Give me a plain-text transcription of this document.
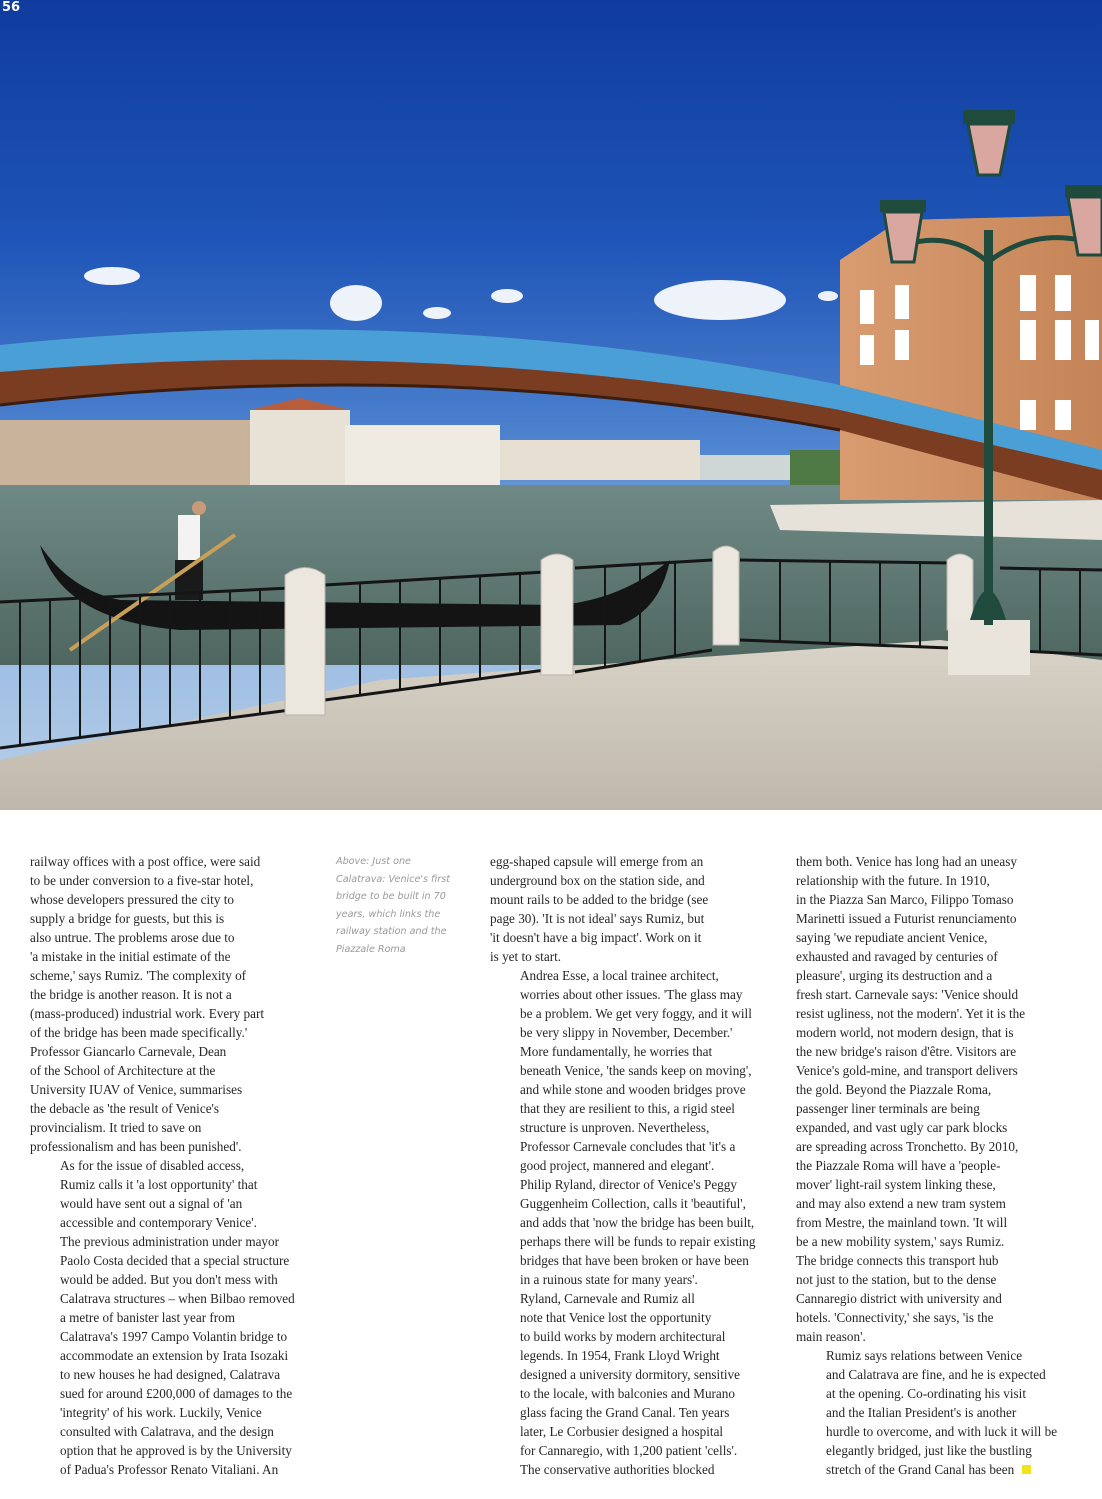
56
Above: Just one
Calatrava: Venice's first
bridge to be built in 70
years, which links the
railway station and the
Piazzale Roma

railway offices with a post office, were said
to be under conversion to a five-star hotel,
whose developers pressured the city to
supply a bridge for guests, but this is
also untrue. The problems arose due to
'a mistake in the initial estimate of the
scheme,' says Rumiz. 'The complexity of
the bridge is another reason. It is not a
(mass-produced) industrial work. Every part
of the bridge has been made specifically.'
Professor Giancarlo Carnevale, Dean
of the School of Architecture at the
University IUAV of Venice, summarises
the debacle as 'the result of Venice's
provincialism. It tried to save on
professionalism and has been punished'.

As for the issue of disabled access,
Rumiz calls it 'a lost opportunity' that
would have sent out a signal of 'an
accessible and contemporary Venice'.
The previous administration under mayor
Paolo Costa decided that a special structure
would be added. But you don't mess with
Calatrava structures – when Bilbao removed
a metre of banister last year from
Calatrava's 1997 Campo Volantin bridge to
accommodate an extension by Irata Isozaki
to new houses he had designed, Calatrava
sued for around £200,000 of damages to the
'integrity' of his work. Luckily, Venice
consulted with Calatrava, and the design
option that he approved is by the University
of Padua's Professor Renato Vitaliani. An

egg-shaped capsule will emerge from an
underground box on the station side, and
mount rails to be added to the bridge (see
page 30). 'It is not ideal' says Rumiz, but
'it doesn't have a big impact'. Work on it
is yet to start.

Andrea Esse, a local trainee architect,
worries about other issues. 'The glass may
be a problem. We get very foggy, and it will
be very slippy in November, December.'
More fundamentally, he worries that
beneath Venice, 'the sands keep on moving',
and while stone and wooden bridges prove
that they are resilient to this, a rigid steel
structure is unproven. Nevertheless,
Professor Carnevale concludes that 'it's a
good project, mannered and elegant'.
Philip Ryland, director of Venice's Peggy
Guggenheim Collection, calls it 'beautiful',
and adds that 'now the bridge has been built,
perhaps there will be funds to repair existing
bridges that have been broken or have been
in a ruinous state for many years'.

Ryland, Carnevale and Rumiz all
note that Venice lost the opportunity
to build works by modern architectural
legends. In 1954, Frank Lloyd Wright
designed a university dormitory, sensitive
to the locale, with balconies and Murano
glass facing the Grand Canal. Ten years
later, Le Corbusier designed a hospital
for Cannaregio, with 1,200 patient 'cells'.
The conservative authorities blocked

them both. Venice has long had an uneasy
relationship with the future. In 1910,
in the Piazza San Marco, Filippo Tomaso
Marinetti issued a Futurist renunciamento
saying 'we repudiate ancient Venice,
exhausted and ravaged by centuries of
pleasure', urging its destruction and a
fresh start. Carnevale says: 'Venice should
resist ugliness, not the modern'. Yet it is the
modern world, not modern design, that is
the new bridge's raison d'être. Visitors are
Venice's gold-mine, and transport delivers
the gold. Beyond the Piazzale Roma,
passenger liner terminals are being
expanded, and vast ugly car park blocks
are spreading across Tronchetto. By 2010,
the Piazzale Roma will have a 'people-
mover' light-rail system linking these,
and may also extend a new tram system
from Mestre, the mainland town. 'It will
be a new mobility system,' says Rumiz.
The bridge connects this transport hub
not just to the station, but to the dense
Cannaregio district with university and
hotels. 'Connectivity,' she says, 'is the
main reason'.

Rumiz says relations between Venice
and Calatrava are fine, and he is expected
at the opening. Co-ordinating his visit
and the Italian President's is another
hurdle to overcome, and with luck it will be
elegantly bridged, just like the bustling
stretch of the Grand Canal has been
